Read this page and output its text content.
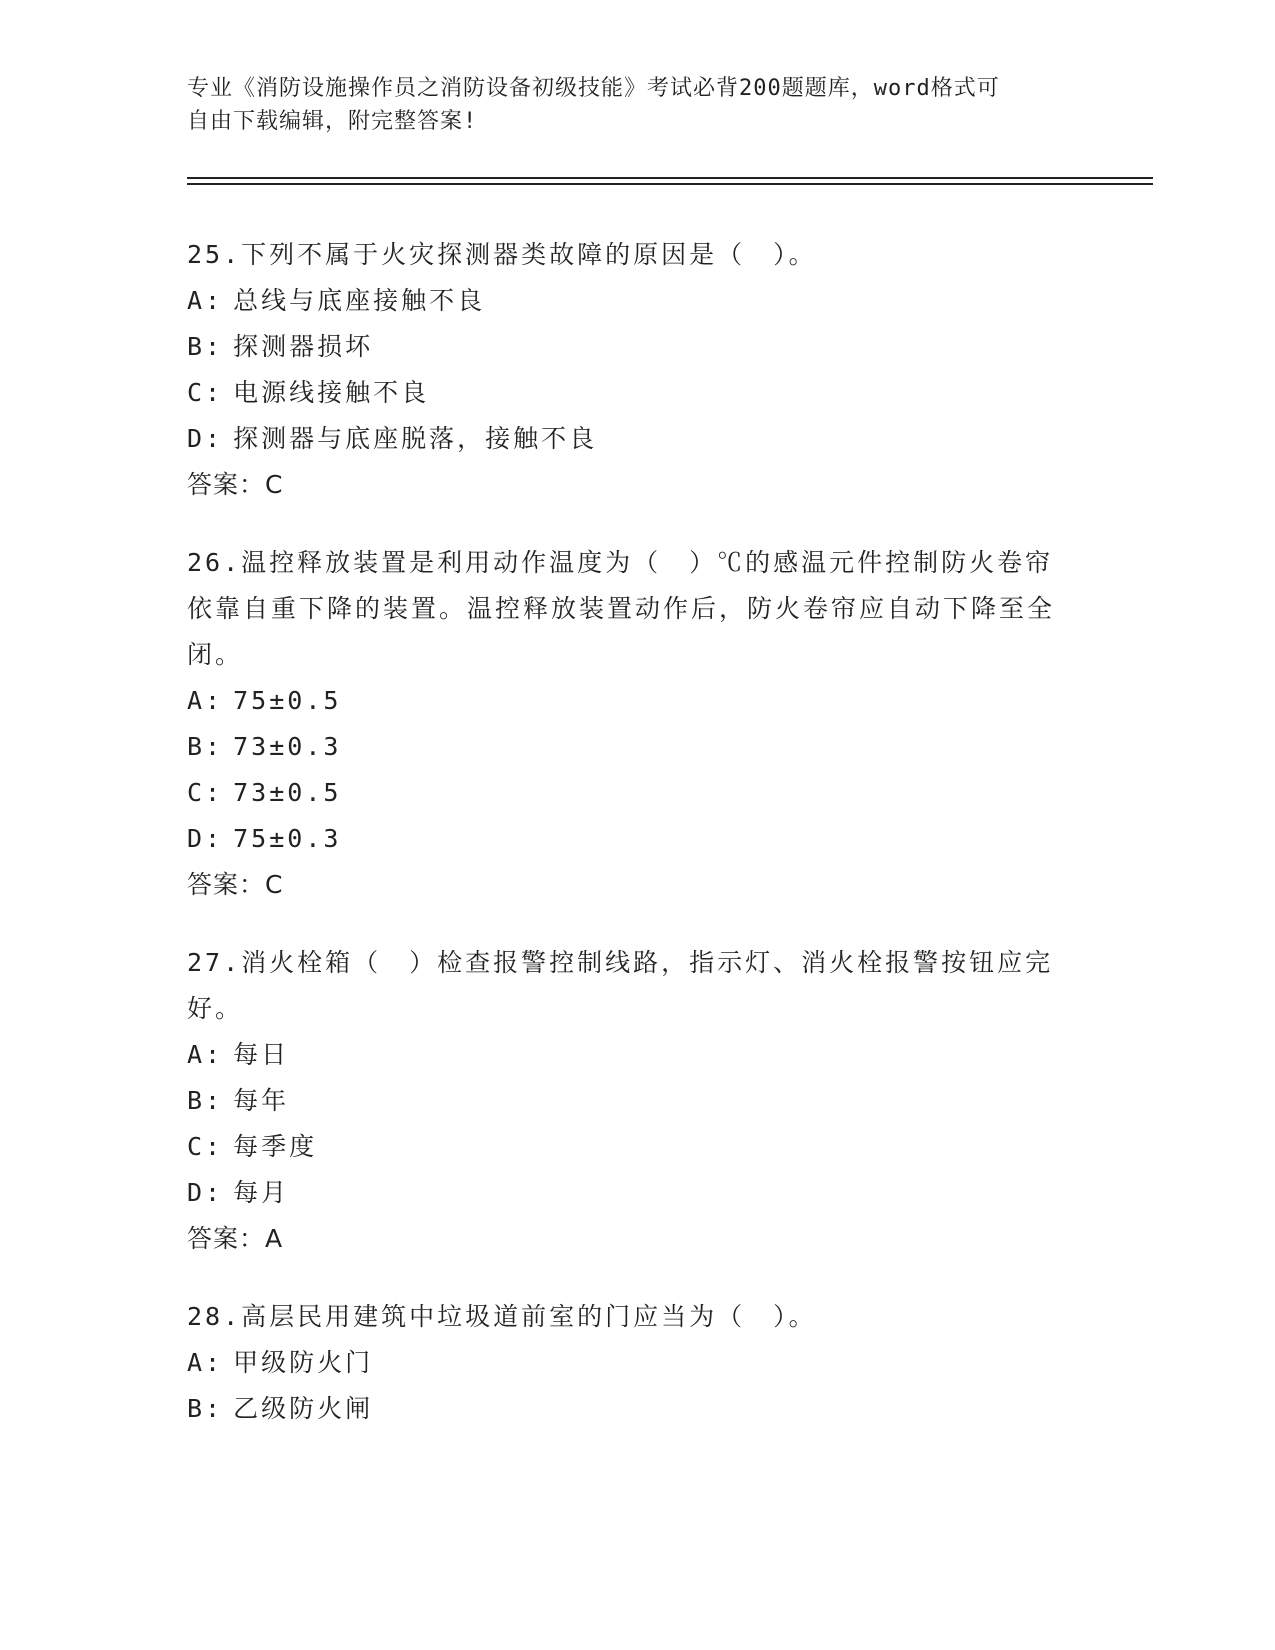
专业《消防设施操作员之消防设备初级技能》考试必背200题题库，word格式可
自由下载编辑，附完整答案!
25.下列不属于火灾探测器类故障的原因是（　）。
A: 总线与底座接触不良
B: 探测器损坏
C: 电源线接触不良
D: 探测器与底座脱落，接触不良
答案：C
26.温控释放装置是利用动作温度为（　）℃的感温元件控制防火卷帘依靠自重下降的装置。温控释放装置动作后，防火卷帘应自动下降至全闭。
A: 75±0.5
B: 73±0.3
C: 73±0.5
D: 75±0.3
答案：C
27.消火栓箱（　）检查报警控制线路，指示灯、消火栓报警按钮应完好。
A: 每日
B: 每年
C: 每季度
D: 每月
答案：A
28.高层民用建筑中垃圾道前室的门应当为（　）。
A: 甲级防火门
B: 乙级防火闸
